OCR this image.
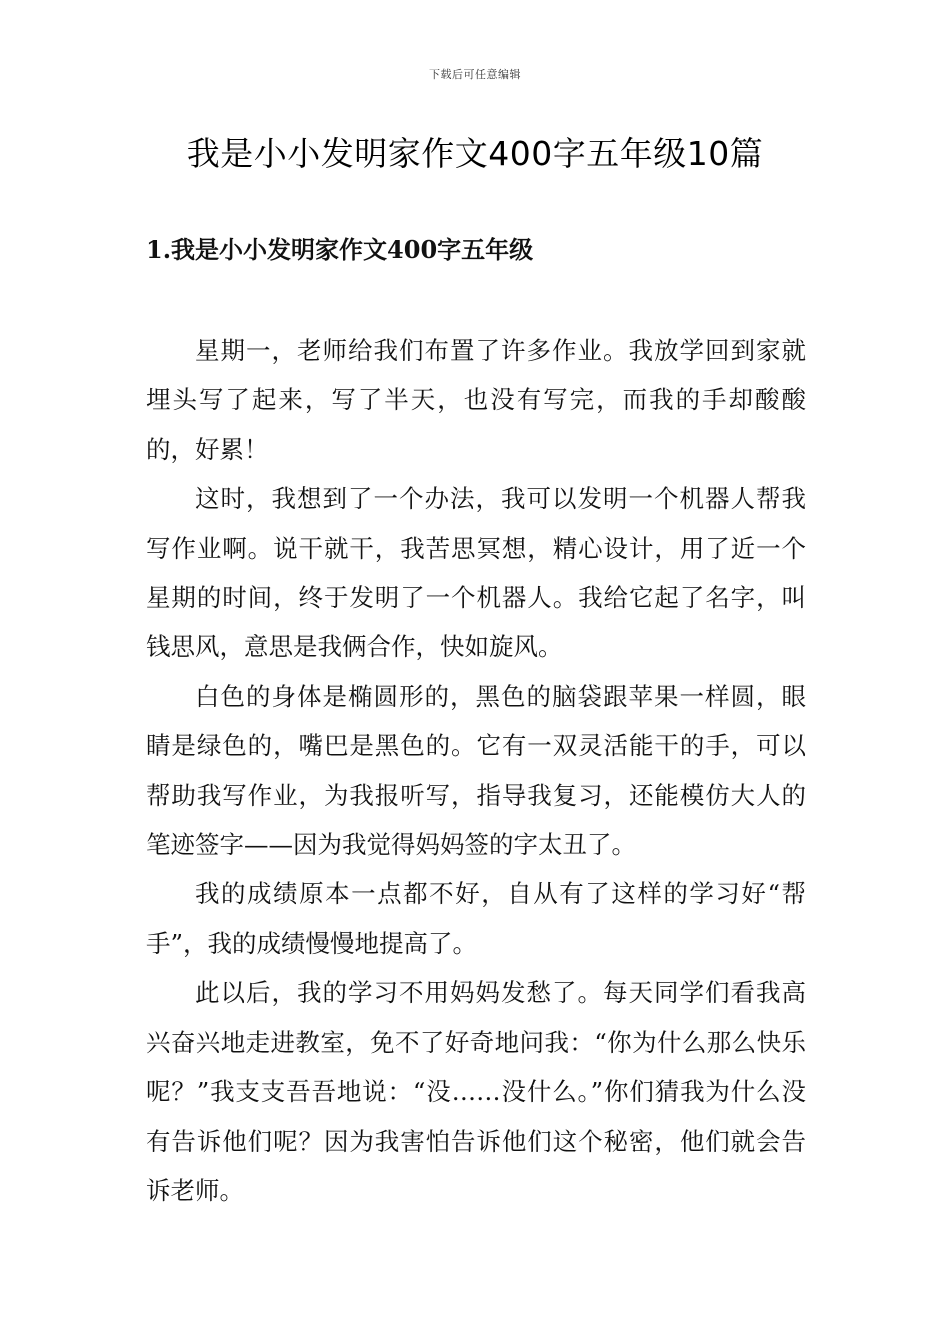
下载后可任意编辑
我是小小发明家作文400字五年级10篇
1.我是小小发明家作文400字五年级

星期一，老师给我们布置了许多作业。我放学回到家就埋头写了起来，写了半天，也没有写完，而我的手却酸酸的，好累！

这时，我想到了一个办法，我可以发明一个机器人帮我写作业啊。说干就干，我苦思冥想，精心设计，用了近一个星期的时间，终于发明了一个机器人。我给它起了名字，叫钱思风，意思是我俩合作，快如旋风。

白色的身体是椭圆形的，黑色的脑袋跟苹果一样圆，眼睛是绿色的，嘴巴是黑色的。它有一双灵活能干的手，可以帮助我写作业，为我报听写，指导我复习，还能模仿大人的笔迹签字——因为我觉得妈妈签的字太丑了。

我的成绩原本一点都不好，自从有了这样的学习好“帮手”，我的成绩慢慢地提高了。

此以后，我的学习不用妈妈发愁了。每天同学们看我高兴奋兴地走进教室，免不了好奇地问我：“你为什么那么快乐呢？”我支支吾吾地说：“没……没什么。”你们猜我为什么没有告诉他们呢？因为我害怕告诉他们这个秘密，他们就会告诉老师。
